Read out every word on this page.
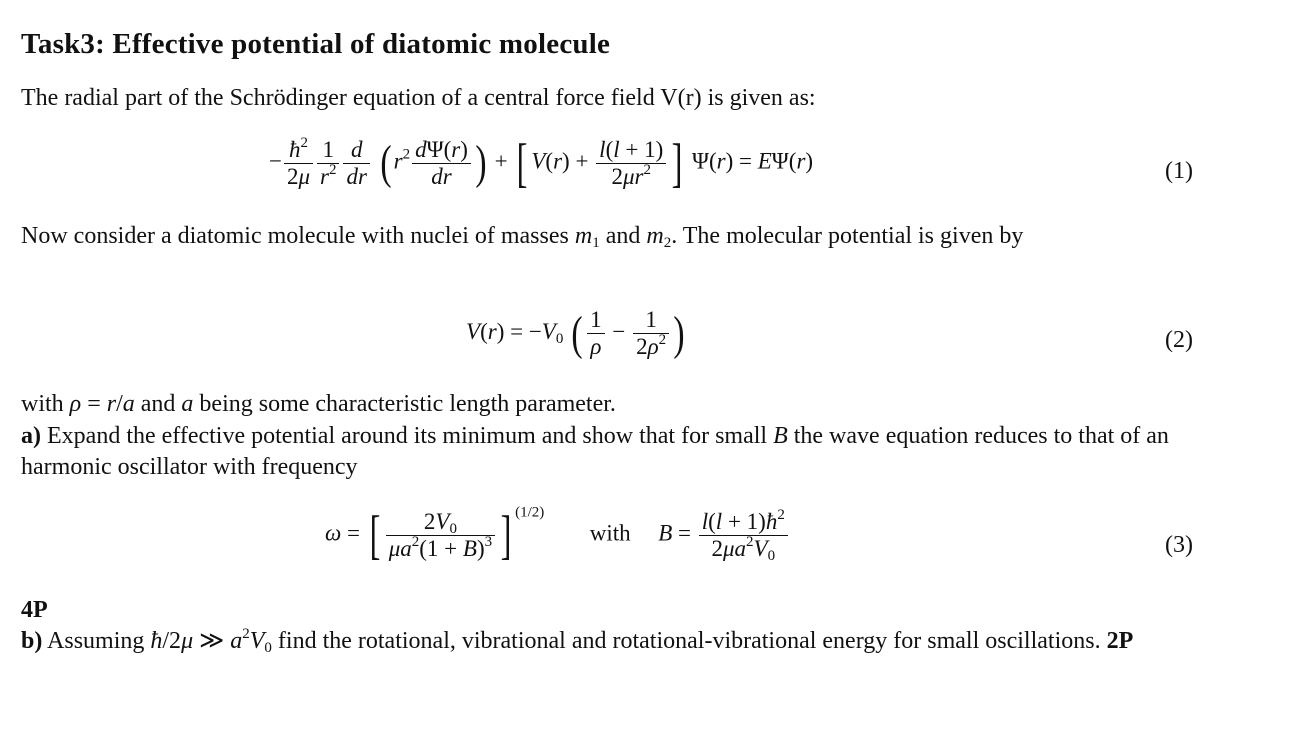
Task3: Effective potential of diatomic molecule
The radial part of the Schrödinger equation of a central force field V(r) is given as:
− $\frac{ħ^2}{2\mu} \frac{1}{r^2} \frac{d}{dr}$ ( $r^2 \frac{d\Psi(r)}{dr}$ ) + [ $V(r) + \frac{l(l + 1)}{2\mu r^2}$ ] Ψ(r) = EΨ(r)	(1)
Now consider a diatomic molecule with nuclei of masses $m_1$ and $m_2$. The molecular potential is given by
$V(r) = -V_0$ ( $\frac{1}{\rho} - \frac{1}{2\rho^2}$ )	(2)
with ρ = r/a and a being some characteristic length parameter.
a) Expand the effective potential around its minimum and show that for small B the wave equation reduces to that of an harmonic oscillator with frequency
ω = [ $\frac{2V_0}{\mu a^2(1 + B)^3}$ ] $^{(1/2)}$  with $B = \frac{l(l + 1)ħ^2}{2\mu a^2V_0}$	(3)
4P
b) Assuming ħ/2μ ≫ $a^2V_0$ find the rotational, vibrational and rotational-vibrational energy for small oscillations. 2P
